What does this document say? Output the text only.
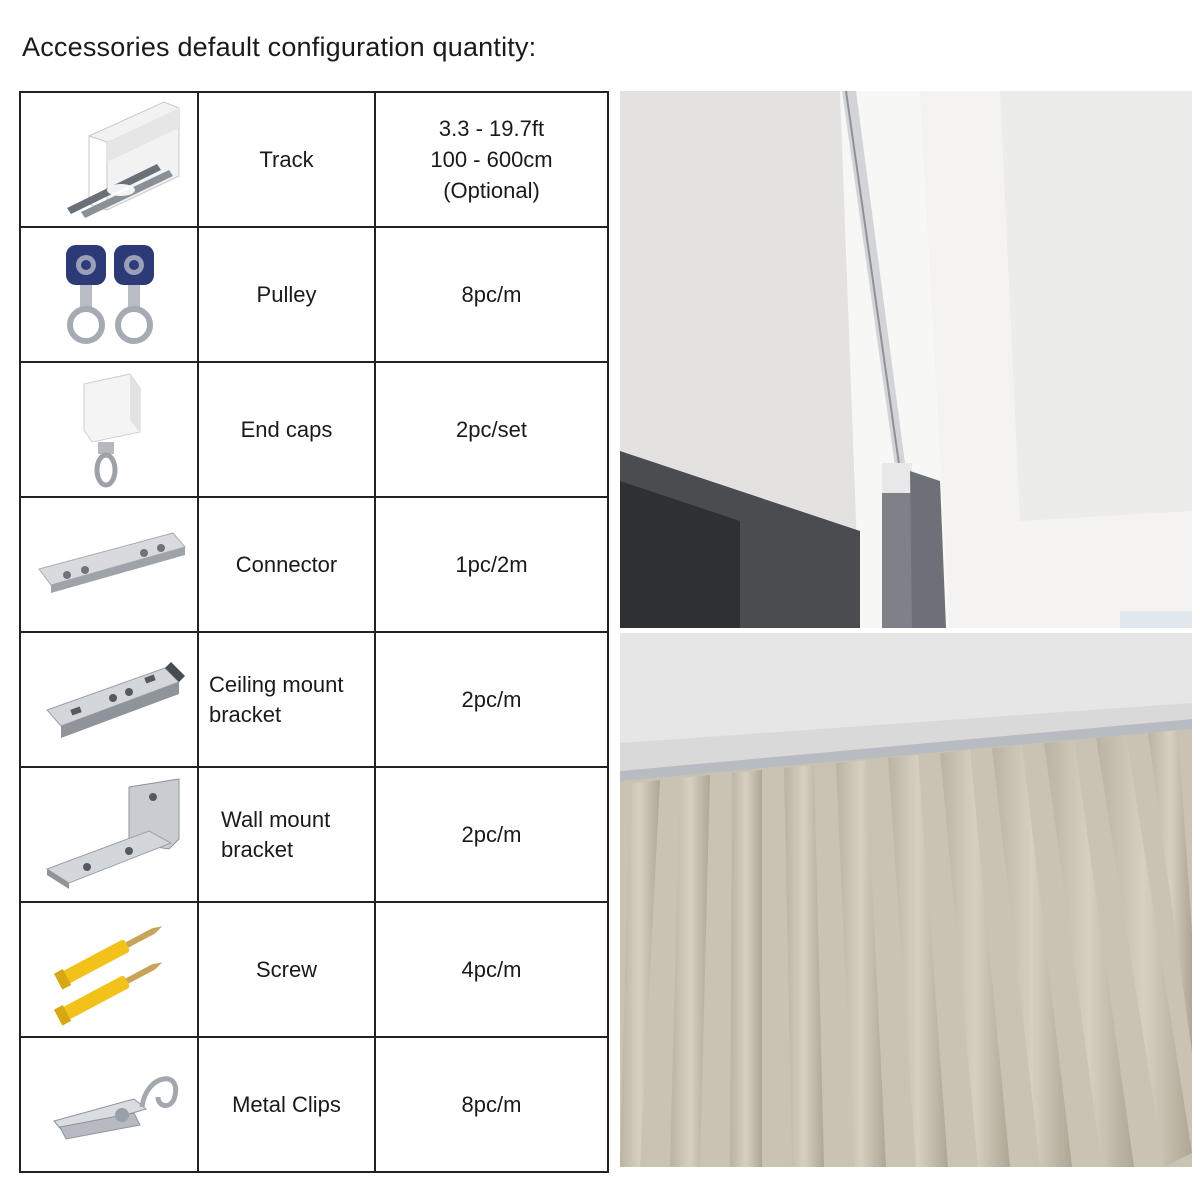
Accessories default configuration quantity:
	Track	3.3 - 19.7ft
100 - 600cm
(Optional)

	Pulley	8pc/m

	End caps	2pc/set

	Connector	1pc/2m

Ceiling mount
bracket	2pc/m

Wall mount
bracket	2pc/m

	Screw	4pc/m

	Metal Clips	8pc/m
